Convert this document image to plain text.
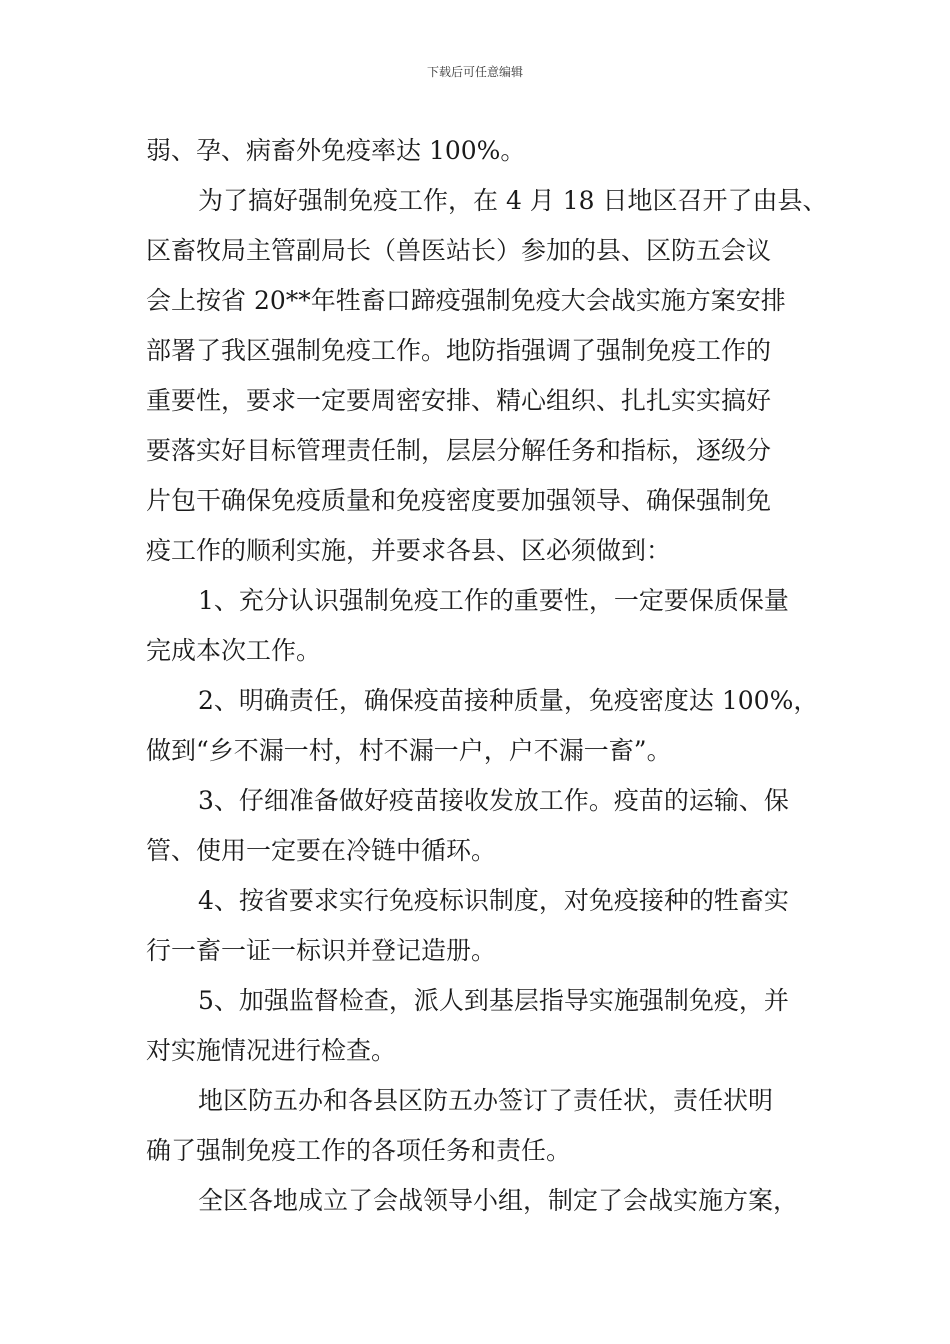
下载后可任意编辑
弱、孕、病畜外免疫率达 100%。
为了搞好强制免疫工作，在 4 月 18 日地区召开了由县、
区畜牧局主管副局长（兽医站长）参加的县、区防五会议
会上按省 20**年牲畜口蹄疫强制免疫大会战实施方案安排
部署了我区强制免疫工作。地防指强调了强制免疫工作的
重要性，要求一定要周密安排、精心组织、扎扎实实搞好
要落实好目标管理责任制，层层分解任务和指标，逐级分
片包干确保免疫质量和免疫密度要加强领导、确保强制免
疫工作的顺利实施，并要求各县、区必须做到：
1、充分认识强制免疫工作的重要性，一定要保质保量
完成本次工作。
2、明确责任，确保疫苗接种质量，免疫密度达 100%，
做到“乡不漏一村，村不漏一户，户不漏一畜”。
3、仔细准备做好疫苗接收发放工作。疫苗的运输、保
管、使用一定要在冷链中循环。
4、按省要求实行免疫标识制度，对免疫接种的牲畜实
行一畜一证一标识并登记造册。
5、加强监督检查，派人到基层指导实施强制免疫，并
对实施情况进行检查。
地区防五办和各县区防五办签订了责任状，责任状明
确了强制免疫工作的各项任务和责任。
全区各地成立了会战领导小组，制定了会战实施方案，
